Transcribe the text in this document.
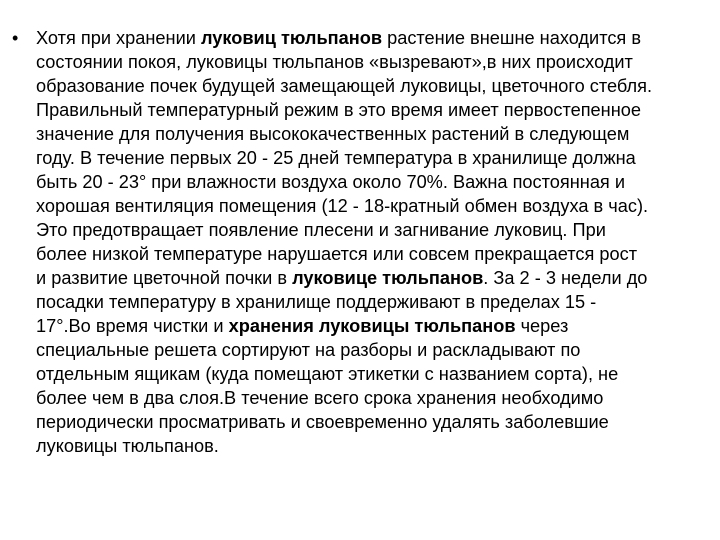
• Хотя при хранении луковиц тюльпанов растение внешне находится в
состоянии покоя, луковицы тюльпанов «вызревают»,в них происходит
образование почек будущей замещающей луковицы, цветочного стебля.
Правильный температурный режим в это время имеет первостепенное
значение для получения высококачественных растений в следующем
году. В течение первых 20 - 25 дней температура в хранилище должна
быть 20 - 23° при влажности воздуха около 70%. Важна постоянная и
хорошая вентиляция помещения (12 - 18-кратный обмен воздуха в час).
Это предотвращает появление плесени и загнивание луковиц. При
более низкой температуре нарушается или совсем прекращается рост
и развитие цветочной почки в луковице тюльпанов. За 2 - 3 недели до
посадки температуру в хранилище поддерживают в пределах 15 -
17°.Во время чистки и хранения луковицы тюльпанов через
специальные решета сортируют на разборы и раскладывают по
отдельным ящикам (куда помещают этикетки с названием сорта), не
более чем в два слоя.В течение всего срока хранения необходимо
периодически просматривать и своевременно удалять заболевшие
луковицы тюльпанов.
